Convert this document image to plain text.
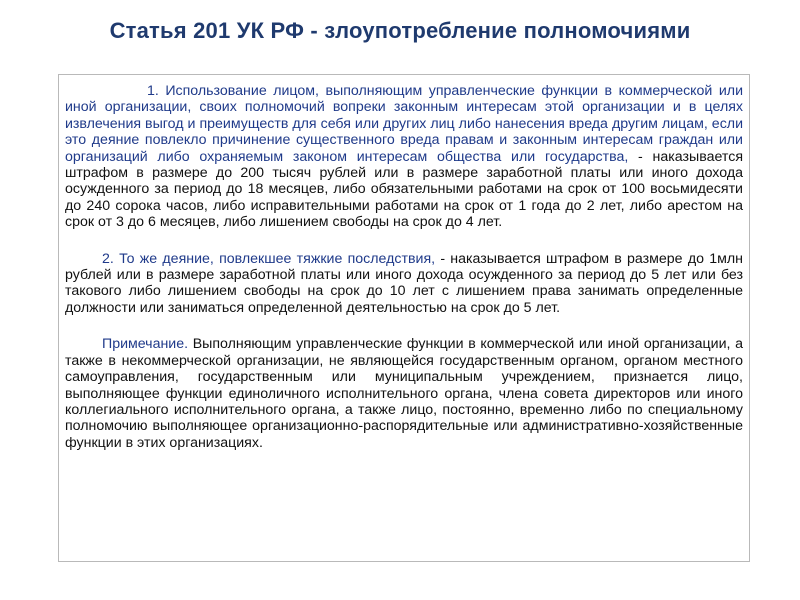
Статья 201 УК РФ - злоупотребление полномочиями

1. Использование лицом, выполняющим управленческие функции в коммерческой или иной организации, своих полномочий вопреки законным интересам этой организации и в целях извлечения выгод и преимуществ для себя или других лиц либо нанесения вреда другим лицам, если это деяние повлекло причинение существенного вреда правам и законным интересам граждан или организаций либо охраняемым законом интересам общества или государства, - наказывается штрафом в размере до 200 тысяч рублей или в размере заработной платы или иного дохода осужденного за период до 18 месяцев, либо обязательными работами на срок от 100 восьмидесяти до 240 сорока часов, либо исправительными работами на срок от 1 года до 2 лет, либо арестом на срок от 3 до 6 месяцев, либо лишением свободы на срок до 4 лет.

2. То же деяние, повлекшее тяжкие последствия, - наказывается штрафом в размере до 1млн рублей или в размере заработной платы или иного дохода осужденного за период до 5 лет или без такового либо лишением свободы на срок до 10 лет с лишением права занимать определенные должности или заниматься определенной деятельностью на срок до 5 лет.

Примечание. Выполняющим управленческие функции в коммерческой или иной организации, а также в некоммерческой организации, не являющейся государственным органом, органом местного самоуправления, государственным или муниципальным учреждением, признается лицо, выполняющее функции единоличного исполнительного органа, члена совета директоров или иного коллегиального исполнительного органа, а также лицо, постоянно, временно либо по специальному полномочию выполняющее организационно-распорядительные или административно-хозяйственные функции в этих организациях.
